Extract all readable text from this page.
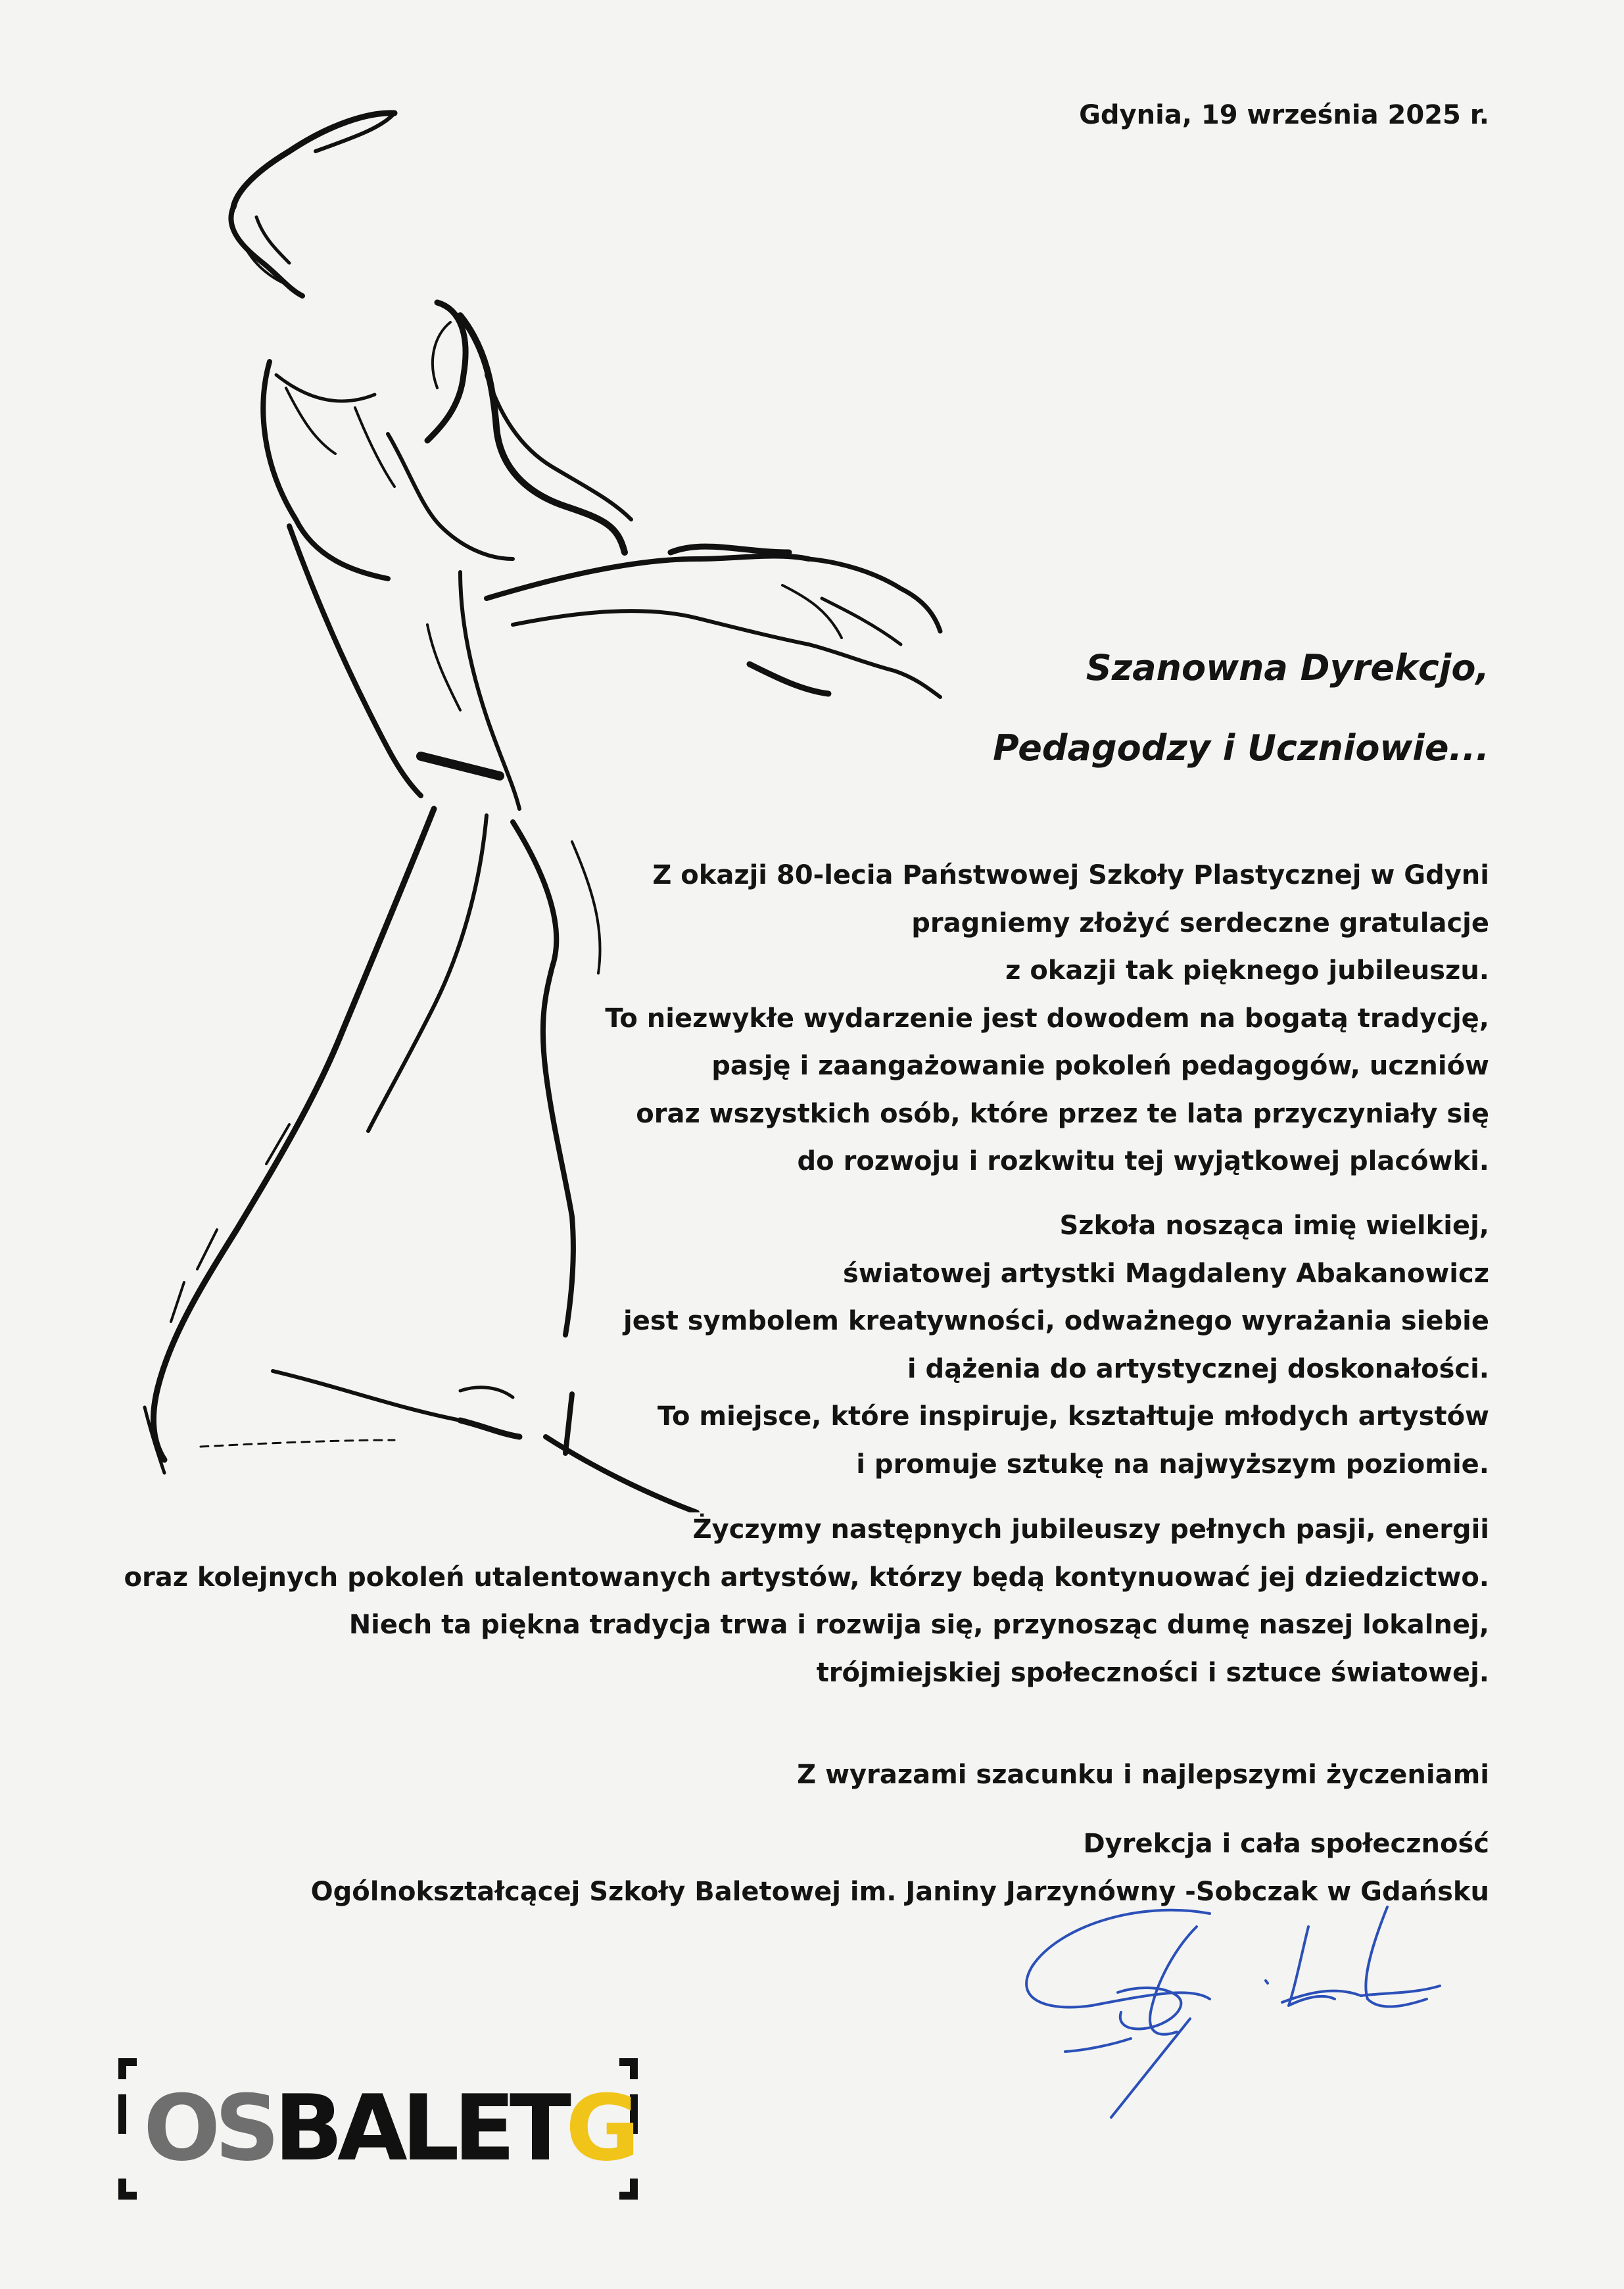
Gdynia, 19 września 2025 r.
Szanowna Dyrekcjo,
Pedagodzy i Uczniowie...
Z okazji 80-lecia Państwowej Szkoły Plastycznej w Gdyni
pragniemy złożyć serdeczne gratulacje
z okazji tak pięknego jubileuszu.
To niezwykłe wydarzenie jest dowodem na bogatą tradycję,
pasję i zaangażowanie pokoleń pedagogów, uczniów
oraz wszystkich osób, które przez te lata przyczyniały się
do rozwoju i rozkwitu tej wyjątkowej placówki.
Szkoła nosząca imię wielkiej,
światowej artystki Magdaleny Abakanowicz
jest symbolem kreatywności, odważnego wyrażania siebie
i dążenia do artystycznej doskonałości.
To miejsce, które inspiruje, kształtuje młodych artystów
i promuje sztukę na najwyższym poziomie.
Życzymy następnych jubileuszy pełnych pasji, energii
oraz kolejnych pokoleń utalentowanych artystów, którzy będą kontynuować jej dziedzictwo.
Niech ta piękna tradycja trwa i rozwija się, przynosząc dumę naszej lokalnej,
trójmiejskiej społeczności i sztuce światowej.
Z wyrazami szacunku i najlepszymi życzeniami
Dyrekcja i cała społeczność
Ogólnokształcącej Szkoły Baletowej im. Janiny Jarzynówny -Sobczak w Gdańsku
OSBALETG
